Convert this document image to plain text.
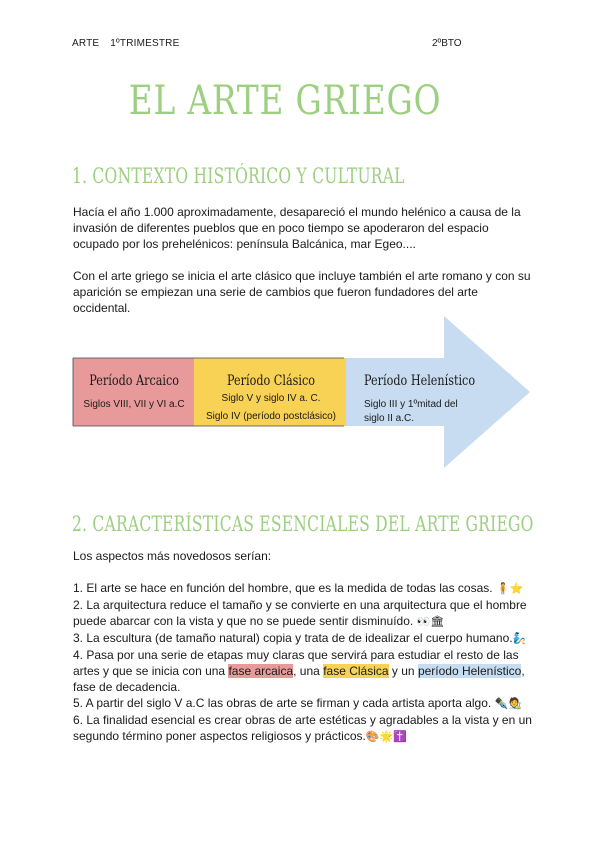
ARTE 1ºTRIMESTRE	2ºBTO
EL ARTE GRIEGO
1. CONTEXTO HISTÓRICO Y CULTURAL
Hacía el año 1.000 aproximadamente, desapareció el mundo helénico a causa de la invasión de diferentes pueblos que en poco tiempo se apoderaron del espacio ocupado por los prehelénicos: península Balcánica, mar Egeo....
Con el arte griego se inicia el arte clásico que incluye también el arte romano y con su aparición se empiezan una serie de cambios que fueron fundadores del arte occidental.
Período Arcaico
Siglos VIII, VII y VI a.C
Período Clásico
Siglo V y siglo IV a. C.
Siglo IV (período postclásico)
Período Helenístico
Siglo III y 1ºmitad del
siglo II a.C.
2. CARACTERÍSTICAS ESENCIALES DEL ARTE GRIEGO
Los aspectos más novedosos serían:

1. El arte se hace en función del hombre, que es la medida de todas las cosas. 🧍⭐

2. La arquitectura reduce el tamaño y se convierte en una arquitectura que el hombre puede abarcar con la vista y que no se puede sentir disminuído. 👀🏛

3. La escultura (de tamaño natural) copia y trata de de idealizar el cuerpo humano.🧞

4. Pasa por una serie de etapas muy claras que servirá para estudiar el resto de las artes y que se inicia con una fase arcaica, una fase Clásica y un período Helenístico, fase de decadencia.

5. A partir del siglo V a.C las obras de arte se firman y cada artista aporta algo. ✒️🧑‍🎨

6. La finalidad esencial es crear obras de arte estéticas y agradables a la vista y en un segundo término poner aspectos religiosos y prácticos.🎨🌟✝️
